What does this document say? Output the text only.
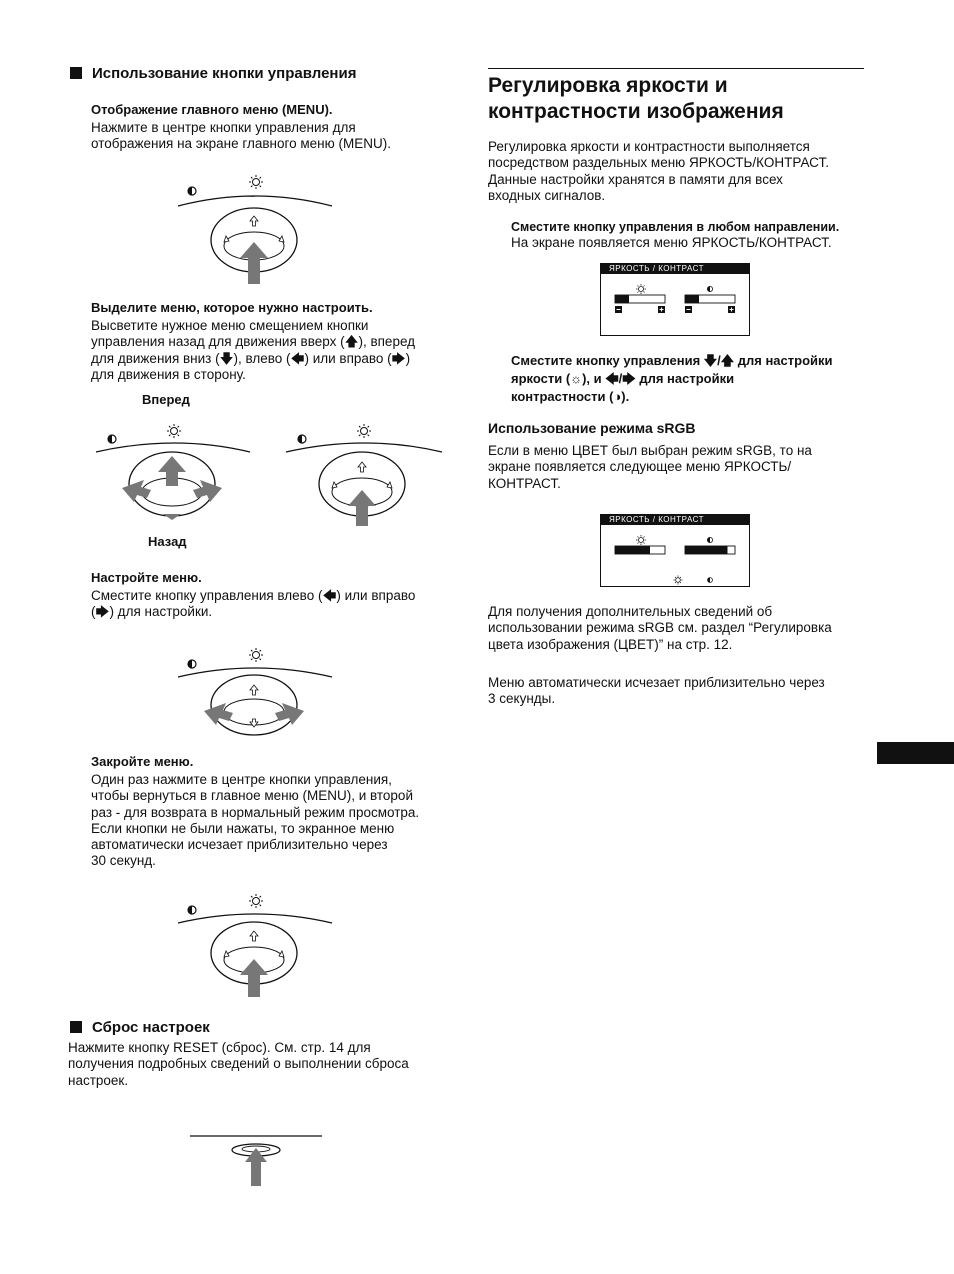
Использование кнопки управления
Отображение главного меню (MENU).
Нажмите в центре кнопки управления для
отображения на экране главного меню (MENU).
Выделите меню, которое нужно настроить.
Высветите нужное меню смещением кнопки
управления назад для движения вверх (🡅), вперед
для движения вниз (🡇), влево (🡄) или вправо (🡆)
для движения в сторону.
Вперед
Назад
Настройте меню.
Сместите кнопку управления влево (🡄) или вправо
(🡆) для настройки.
Закройте меню.
Один раз нажмите в центре кнопки управления,
чтобы вернуться в главное меню (MENU), и второй
раз - для возврата в нормальный режим просмотра.
Если кнопки не были нажаты, то экранное меню
автоматически исчезает приблизительно через
30 секунд.
Сброс настроек
Нажмите кнопку RESET (сброс). См. стр. 14 для
получения подробных сведений о выполнении сброса
настроек.
Регулировка яркости и
контрастности изображения
Регулировка яркости и контрастности выполняется
посредством раздельных меню ЯРКОСТЬ/КОНТРАСТ.
Данные настройки хранятся в памяти для всех
входных сигналов.
Сместите кнопку управления в любом направлении.
На экране появляется меню ЯРКОСТЬ/КОНТРАСТ.
ЯРКОСТЬ / КОНТРАСТ
Сместите кнопку управления 🡇/🡅 для настройки
яркости (☼), и 🡄/🡆 для настройки
контрастности (◑).
Использование режима sRGB
Если в меню ЦВЕТ был выбран режим sRGB, то на
экране появляется следующее меню ЯРКОСТЬ/
КОНТРАСТ.
ЯРКОСТЬ / КОНТРАСТ
Для получения дополнительных сведений об
использовании режима sRGB см. раздел “Регулировка
цвета изображения (ЦВЕТ)” на стр. 12.
Меню автоматически исчезает приблизительно через
3 секунды.
